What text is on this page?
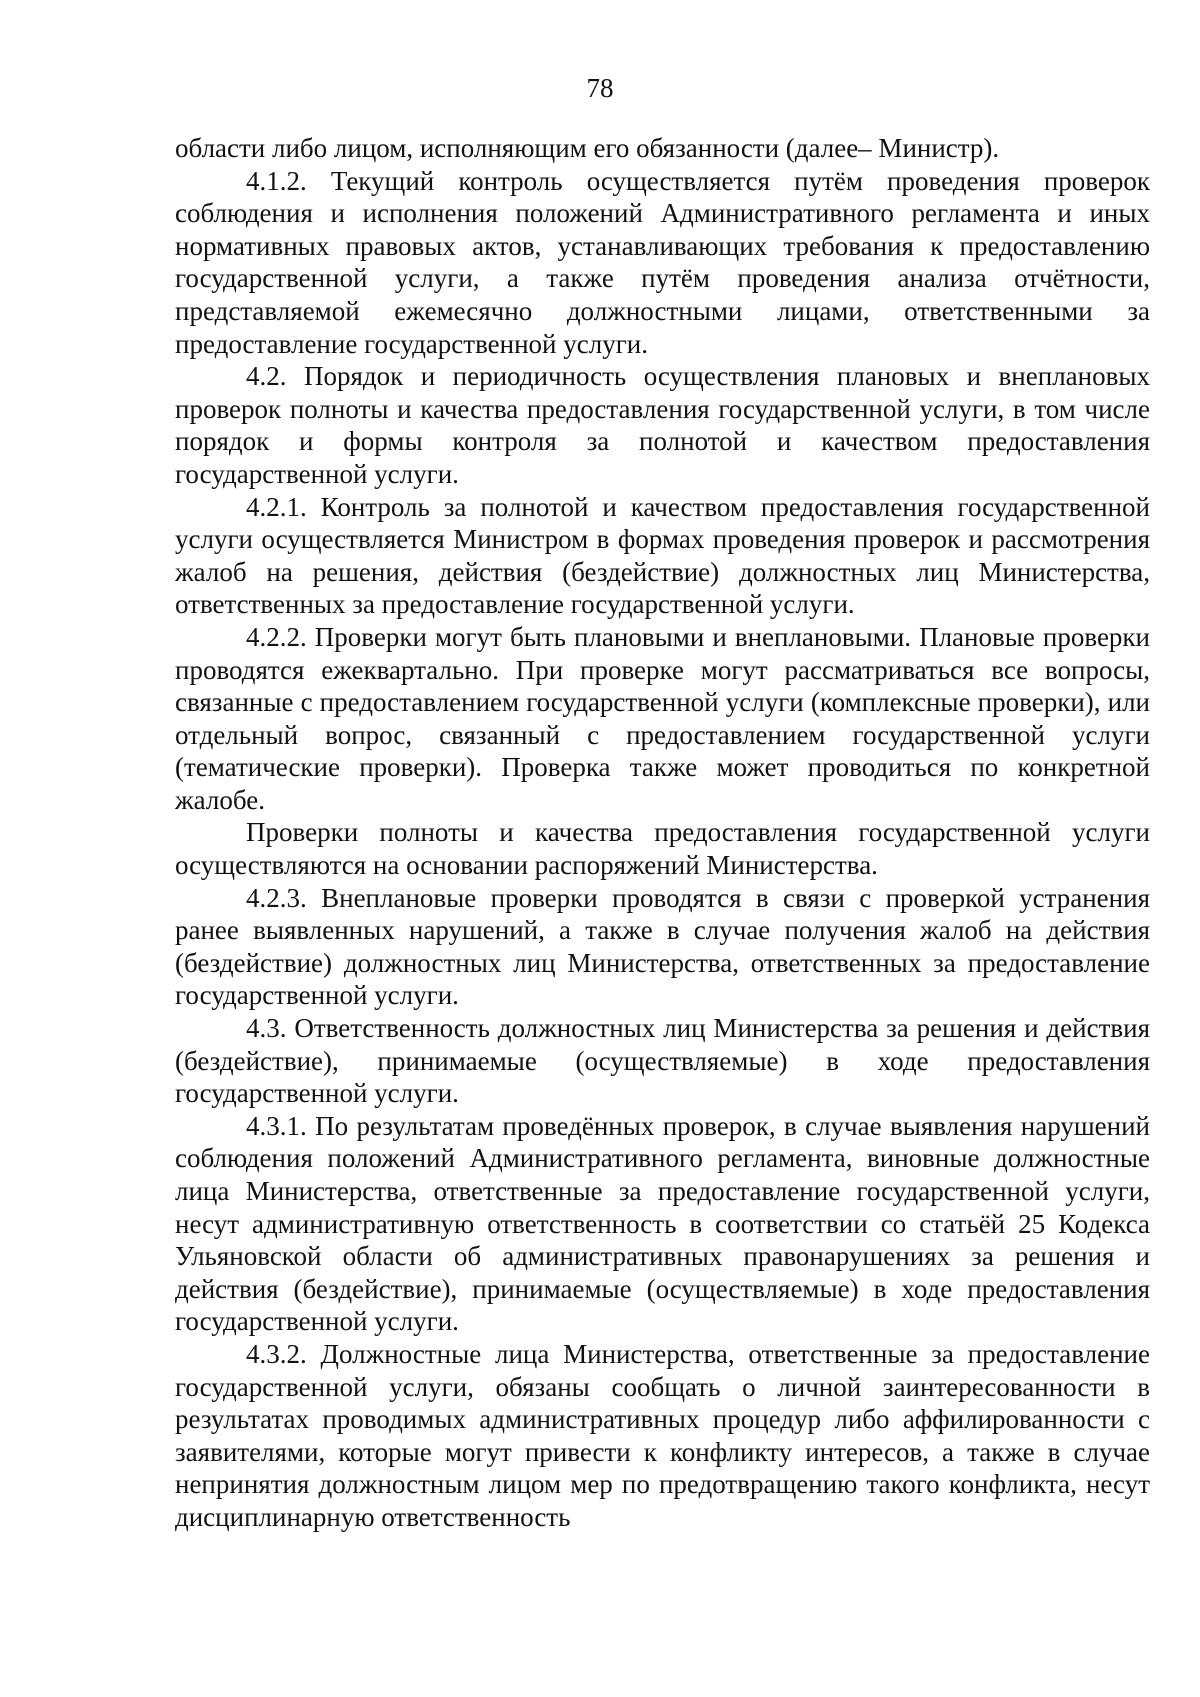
78

области либо лицом, исполняющим его обязанности (далее– Министр).

4.1.2. Текущий контроль осуществляется путём проведения проверок соблюдения и исполнения положений Административного регламента и иных нормативных правовых актов, устанавливающих требования к предоставлению государственной услуги, а также путём проведения анализа отчётности, представляемой ежемесячно должностными лицами, ответственными за предоставление государственной услуги.

4.2. Порядок и периодичность осуществления плановых и внеплановых проверок полноты и качества предоставления государственной услуги, в том числе порядок и формы контроля за полнотой и качеством предоставления государственной услуги.

4.2.1. Контроль за полнотой и качеством предоставления государственной услуги осуществляется Министром в формах проведения проверок и рассмотрения жалоб на решения, действия (бездействие) должностных лиц Министерства, ответственных за предоставление государственной услуги.

4.2.2. Проверки могут быть плановыми и внеплановыми. Плановые проверки проводятся ежеквартально. При проверке могут рассматриваться все вопросы, связанные с предоставлением государственной услуги (комплексные проверки), или отдельный вопрос, связанный с предоставлением государственной услуги (тематические проверки). Проверка также может проводиться по конкретной жалобе.

Проверки полноты и качества предоставления государственной услуги осуществляются на основании распоряжений Министерства.

4.2.3. Внеплановые проверки проводятся в связи с проверкой устранения ранее выявленных нарушений, а также в случае получения жалоб на действия (бездействие) должностных лиц Министерства, ответственных за предоставление государственной услуги.

4.3. Ответственность должностных лиц Министерства за решения и действия (бездействие), принимаемые (осуществляемые) в ходе предоставления государственной услуги.

4.3.1. По результатам проведённых проверок, в случае выявления нарушений соблюдения положений Административного регламента, виновные должностные лица Министерства, ответственные за предоставление государственной услуги, несут административную ответственность в соответствии со статьёй 25 Кодекса Ульяновской области об административных правонарушениях за решения и действия (бездействие), принимаемые (осуществляемые) в ходе предоставления государственной услуги.

4.3.2. Должностные лица Министерства, ответственные за предоставление государственной услуги, обязаны сообщать о личной заинтересованности в результатах проводимых административных процедур либо аффилированности с заявителями, которые могут привести к конфликту интересов, а также в случае непринятия должностным лицом мер по предотвращению такого конфликта, несут дисциплинарную ответственность
